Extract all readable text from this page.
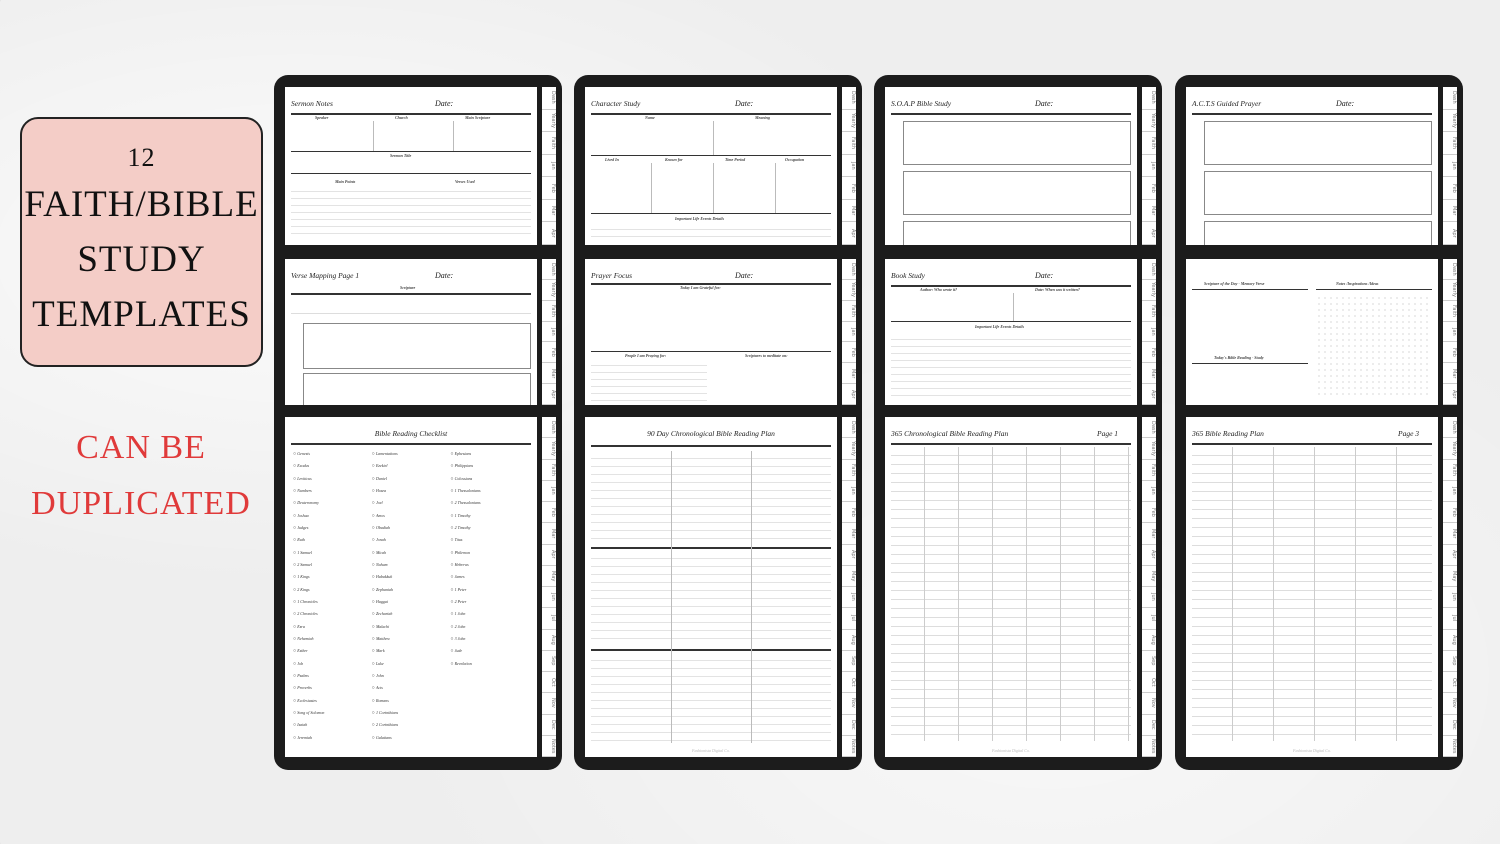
12
FAITH/BIBLE
STUDY
TEMPLATES
CAN BE
DUPLICATED
Sermon Notes	Date:
Speaker	Church	Main Scripture
Sermon Title
Main Points	Verses Used
Dash
Yearly
Faith
Jan
Feb
Mar
Apr
Verse Mapping Page 1	Date:
Scripture
Dash
Yearly
Faith
Jan
Feb
Mar
Apr
Bible Reading Checklist
○ Genesis	○ Lamentations	○ Ephesians
○ Exodus	○ Ezekiel	○ Philippians
○ Leviticus	○ Daniel	○ Colossians
○ Numbers	○ Hosea	○ 1 Thessalonians
○ Deuteronomy	○ Joel	○ 2 Thessalonians
○ Joshua	○ Amos	○ 1 Timothy
○ Judges	○ Obadiah	○ 2 Timothy
○ Ruth	○ Jonah	○ Titus
○ 1 Samuel	○ Micah	○ Philemon
○ 2 Samuel	○ Nahum	○ Hebrews
○ 1 Kings	○ Habakkuk	○ James
○ 2 Kings	○ Zephaniah	○ 1 Peter
○ 1 Chronicles	○ Haggai	○ 2 Peter
○ 2 Chronicles	○ Zechariah	○ 1 John
○ Ezra	○ Malachi	○ 2 John
○ Nehemiah	○ Matthew	○ 3 John
○ Esther	○ Mark	○ Jude
○ Job	○ Luke	○ Revelation
○ Psalms	○ John
○ Proverbs	○ Acts
○ Ecclesiastes	○ Romans
○ Song of Solomon	○ 1 Corinthians
○ Isaiah	○ 2 Corinthians
○ Jeremiah	○ Galatians
Dash
Yearly
Faith
Jan
Feb
Mar
Apr
May
Jun
Jul
Aug
Sep
Oct
Nov
Dec
Notes
Character Study	Date:
Name	Meaning
Lived In	Known for	Time Period	Occupation
Important Life Events Details
Dash
Yearly
Faith
Jan
Feb
Mar
Apr
Prayer Focus	Date:
Today I am Grateful for:
People I am Praying for:	Scriptures to meditate on:
Dash
Yearly
Faith
Jan
Feb
Mar
Apr
90 Day Chronological Bible Reading Plan
Fashionista Digital Co.
Dash
Yearly
Faith
Jan
Feb
Mar
Apr
May
Jun
Jul
Aug
Sep
Oct
Nov
Dec
Notes
S.O.A.P Bible Study	Date:	Dash
Yearly
Faith
Jan
Feb
Mar
Apr
Book Study	Date:
Author: Who wrote it?	Date: When was it written?
Important Life Events Details
Dash
Yearly
Faith
Jan
Feb
Mar
Apr
365 Chronological Bible Reading Plan	Page 1
Fashionista Digital Co.
Dash
Yearly
Faith
Jan
Feb
Mar
Apr
May
Jun
Jul
Aug
Sep
Oct
Nov
Dec
Notes
A.C.T.S Guided Prayer	Date:	Dash
Yearly
Faith
Jan
Feb
Mar
Apr
Scripture of the Day - Memory Verse	Notes /Inspirations /Ideas
Today's Bible Reading - Study
Dash
Yearly
Faith
Jan
Feb
Mar
Apr
365 Bible Reading Plan	Page 3
Fashionista Digital Co.
Dash
Yearly
Faith
Jan
Feb
Mar
Apr
May
Jun
Jul
Aug
Sep
Oct
Nov
Dec
Notes
